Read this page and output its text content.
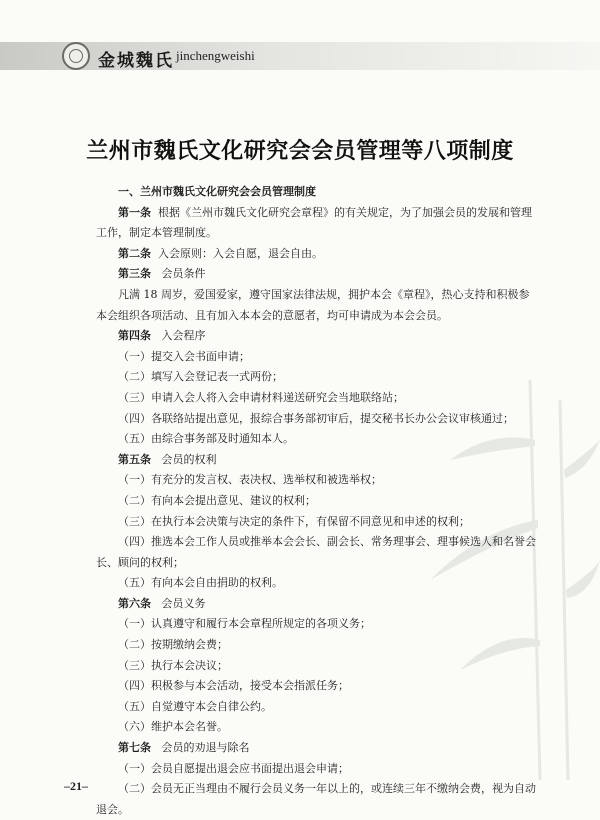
金城魏氏 jinchengweishi
兰州市魏氏文化研究会会员管理等八项制度

一、兰州市魏氏文化研究会会员管理制度

第一条 根据《兰州市魏氏文化研究会章程》的有关规定，为了加强会员的发展和管理工作，制定本管理制度。

第二条 入会原则：入会自愿，退会自由。

第三条 会员条件

凡满 18 周岁，爱国爱家，遵守国家法律法规，拥护本会《章程》，热心支持和积极参本会组织各项活动、且有加入本本会的意愿者，均可申请成为本会会员。

第四条 入会程序

（一）提交入会书面申请；

（二）填写入会登记表一式两份；

（三）申请入会人将入会申请材料递送研究会当地联络站；

（四）各联络站提出意见，报综合事务部初审后，提交秘书长办公会议审核通过；

（五）由综合事务部及时通知本人。

第五条 会员的权利

（一）有充分的发言权、表决权、选举权和被选举权；

（二）有向本会提出意见、建议的权利；

（三）在执行本会决策与决定的条件下，有保留不同意见和申述的权利；

（四）推选本会工作人员或推举本会会长、副会长、常务理事会、理事候选人和名誉会长、顾问的权利；

（五）有向本会自由捐助的权利。

第六条 会员义务

（一）认真遵守和履行本会章程所规定的各项义务；

（二）按期缴纳会费；

（三）执行本会决议；

（四）积极参与本会活动，接受本会指派任务；

（五）自觉遵守本会自律公约。

（六）维护本会名誉。

第七条 会员的劝退与除名

（一）会员自愿提出退会应书面提出退会申请；

（二）会员无正当理由不履行会员义务一年以上的，或连续三年不缴纳会费，视为自动退会。

–21–
